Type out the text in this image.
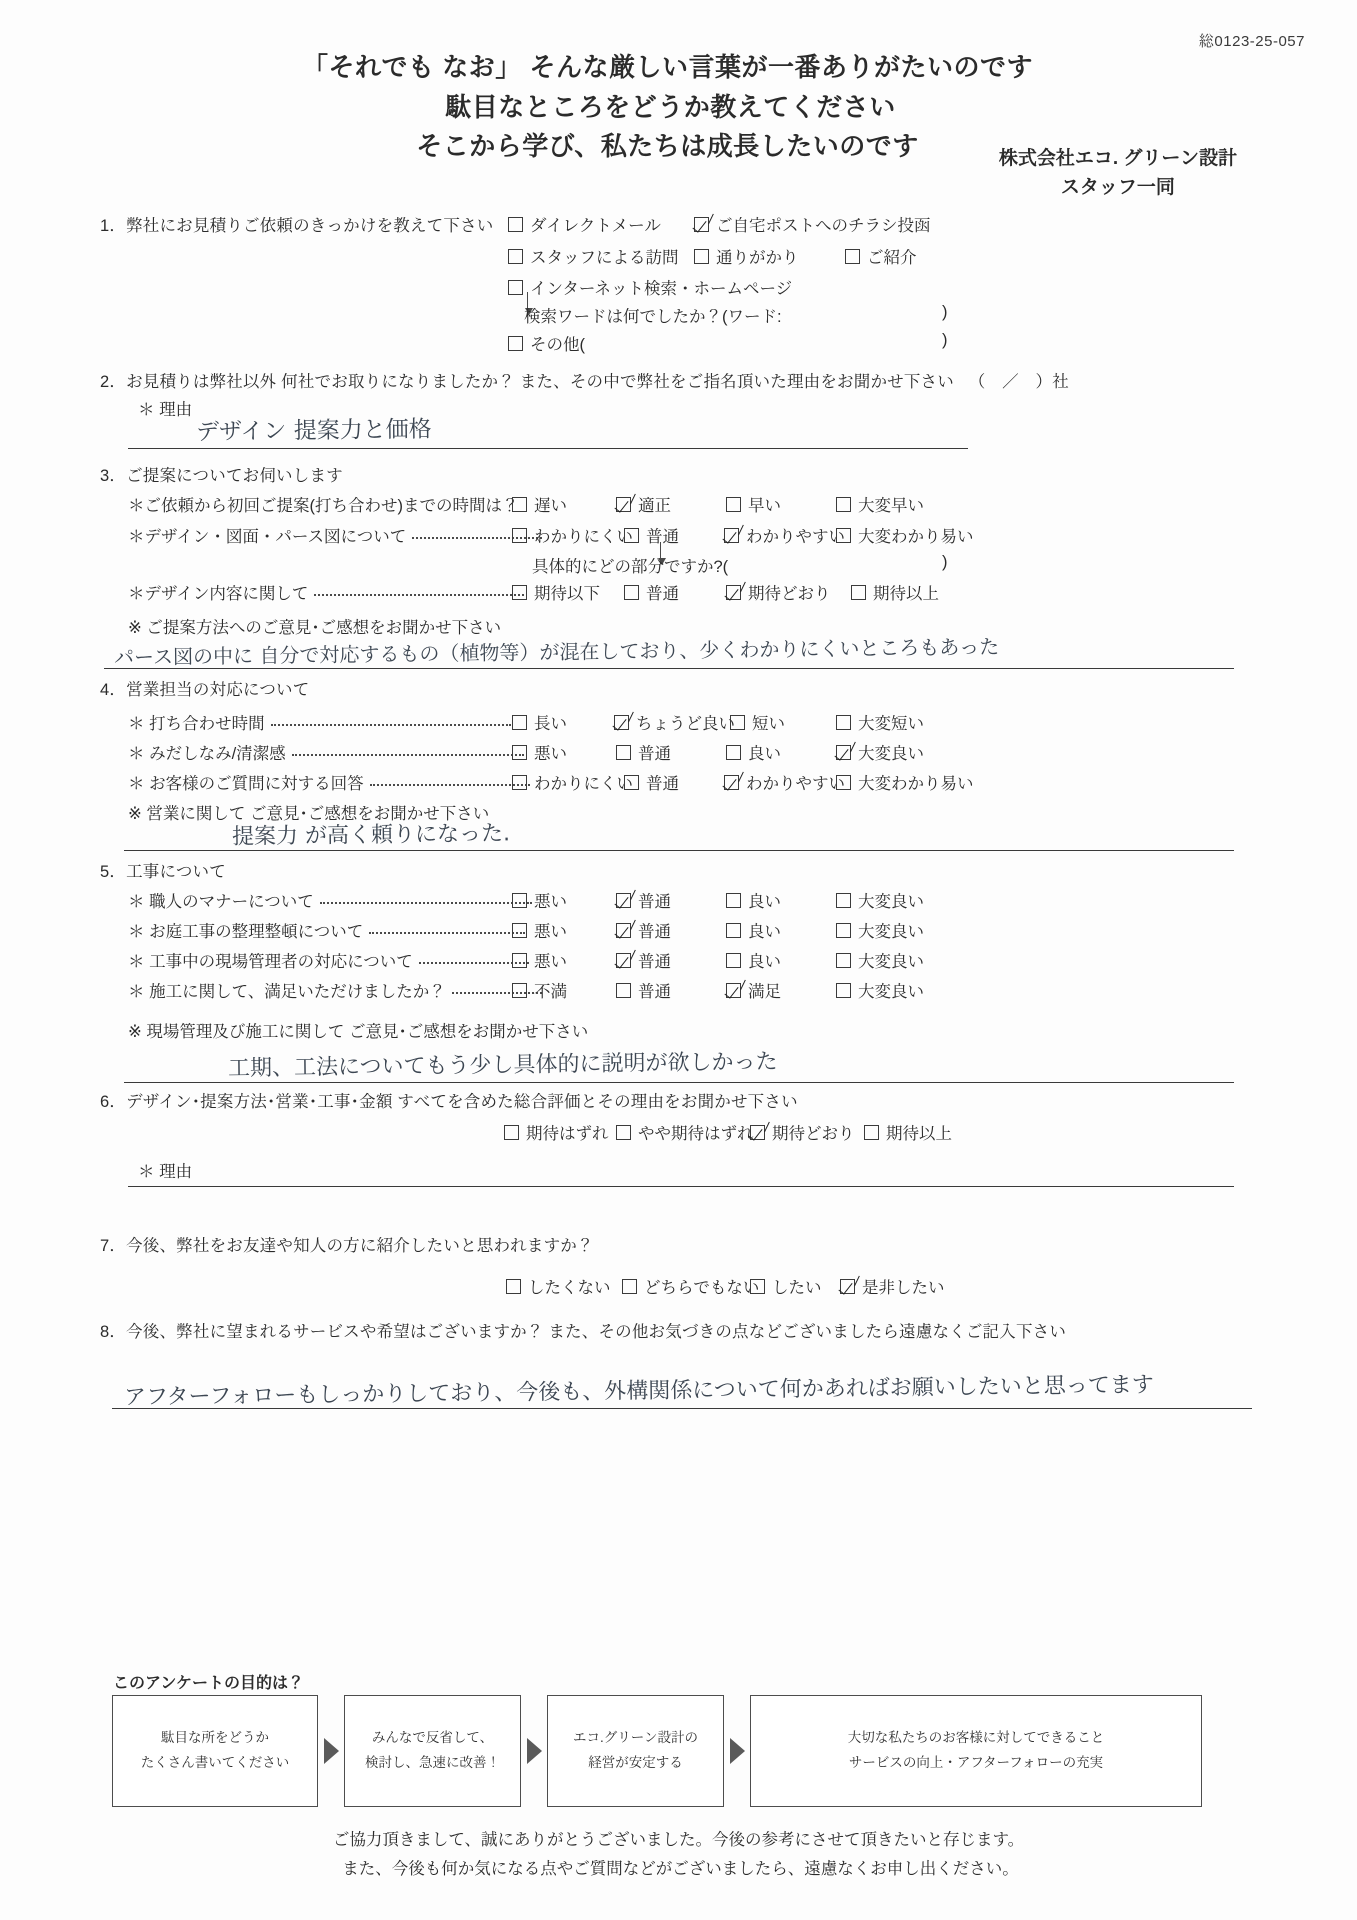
総0123-25-057
「それでも なお」 そんな厳しい言葉が一番ありがたいのです
駄目なところをどうか教えてください
そこから学び、私たちは成長したいのです	株式会社エコ. グリーン設計
スタッフ一同
1．弊社にお見積りご依頼のきっかけを教えて下さい	ダイレクトメール	ご自宅ポストへのチラシ投函
スタッフによる訪問	通りがかり	ご紹介
インターネット検索・ホームページ
検索ワードは何でしたか？(ワード:	)
その他(	)
2．お見積りは弊社以外 何社でお取りになりましたか？ また、その中で弊社をご指名頂いた理由をお聞かせ下さい （　／　）社
＊ 理由
デザイン 提案力と価格
3．ご提案についてお伺いします
＊ご依頼から初回ご提案(打ち合わせ)までの時間は？ 遅い	適正	早い	大変早い
＊デザイン・図面・パース図について	わかりにくい 普通	わかりやすい 大変わかり易い
具体的にどの部分ですか?(	)
＊デザイン内容に関して	期待以下	普通	期待どおり	期待以上
※ ご提案方法へのご意見･ご感想をお聞かせ下さい
パース図の中に 自分で対応するもの（植物等）が混在しており、少くわかりにくいところもあった
4．営業担当の対応について
＊ 打ち合わせ時間	長い	ちょうど良い	短い	大変短い
＊ みだしなみ/清潔感	悪い	普通	良い	大変良い
＊ お客様のご質問に対する回答	わかりにくい 普通	わかりやすい 大変わかり易い
※ 営業に関して ご意見･ご感想をお聞かせ下さい
提案力 が高く頼りになった.
5．工事について
＊ 職人のマナーについて	悪い	普通	良い	大変良い
＊ お庭工事の整理整頓について	悪い	普通	良い	大変良い
＊ 工事中の現場管理者の対応について	悪い	普通	良い	大変良い
＊ 施工に関して、満足いただけましたか？	不満	普通	満足	大変良い
※ 現場管理及び施工に関して ご意見･ご感想をお聞かせ下さい
工期、工法についてもう少し具体的に説明が欲しかった
6．デザイン･提案方法･営業･工事･金額 すべてを含めた総合評価とその理由をお聞かせ下さい
期待はずれ	やや期待はずれ	期待どおり	期待以上
＊ 理由
7．今後、弊社をお友達や知人の方に紹介したいと思われますか？
したくない	どちらでもない したい	是非したい
8．今後、弊社に望まれるサービスや希望はございますか？ また、その他お気づきの点などございましたら遠慮なくご記入下さい
アフターフォローもしっかりしており、今後も、外構関係について何かあればお願いしたいと思ってます
このアンケートの目的は？
駄目な所をどうか
たくさん書いてください
みんなで反省して、
検討し、急速に改善！
エコ.グリーン設計の
経営が安定する
大切な私たちのお客様に対してできること
サービスの向上・アフターフォローの充実
ご協力頂きまして、誠にありがとうございました。今後の参考にさせて頂きたいと存じます。
また、今後も何か気になる点やご質問などがございましたら、遠慮なくお申し出ください。
